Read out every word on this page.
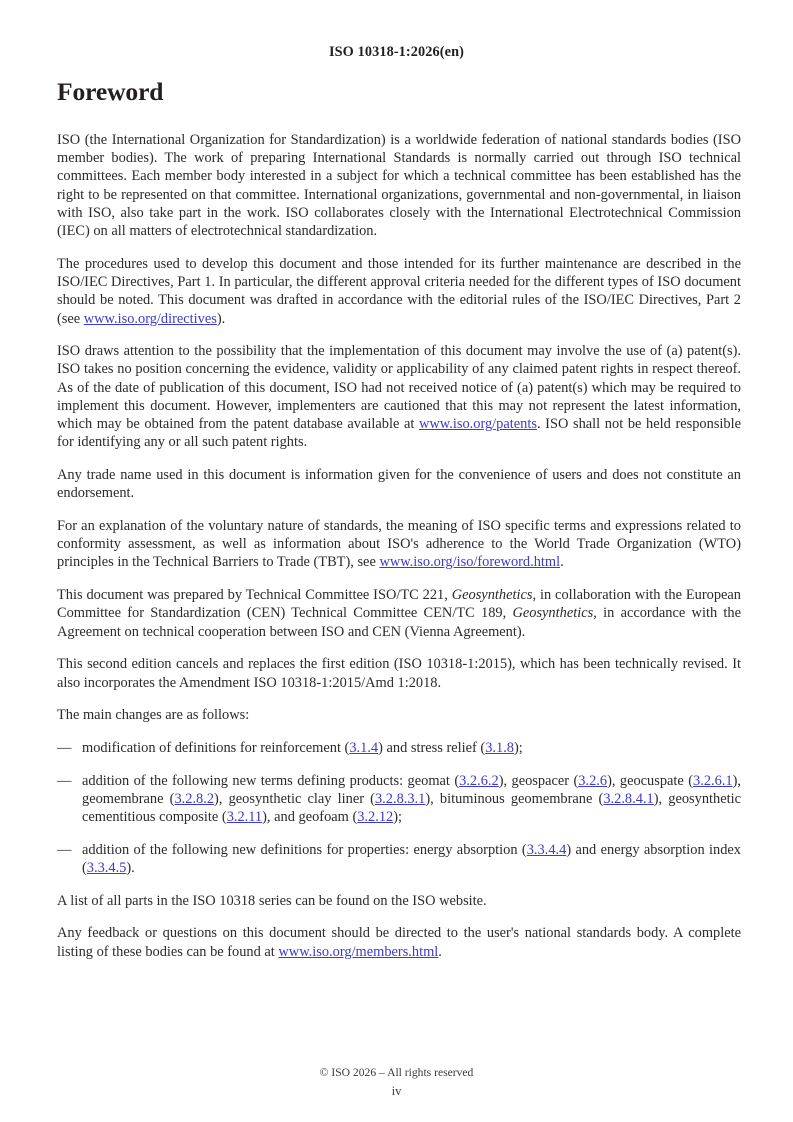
ISO 10318-1:2026(en)
Foreword

ISO (the International Organization for Standardization) is a worldwide federation of national standards bodies (ISO member bodies). The work of preparing International Standards is normally carried out through ISO technical committees. Each member body interested in a subject for which a technical committee has been established has the right to be represented on that committee. International organizations, governmental and non-governmental, in liaison with ISO, also take part in the work. ISO collaborates closely with the International Electrotechnical Commission (IEC) on all matters of electrotechnical standardization.

The procedures used to develop this document and those intended for its further maintenance are described in the ISO/IEC Directives, Part 1. In particular, the different approval criteria needed for the different types of ISO document should be noted. This document was drafted in accordance with the editorial rules of the ISO/IEC Directives, Part 2 (see www.iso.org/directives).

ISO draws attention to the possibility that the implementation of this document may involve the use of (a) patent(s). ISO takes no position concerning the evidence, validity or applicability of any claimed patent rights in respect thereof. As of the date of publication of this document, ISO had not received notice of (a) patent(s) which may be required to implement this document. However, implementers are cautioned that this may not represent the latest information, which may be obtained from the patent database available at www.iso.org/patents. ISO shall not be held responsible for identifying any or all such patent rights.

Any trade name used in this document is information given for the convenience of users and does not constitute an endorsement.

For an explanation of the voluntary nature of standards, the meaning of ISO specific terms and expressions related to conformity assessment, as well as information about ISO's adherence to the World Trade Organization (WTO) principles in the Technical Barriers to Trade (TBT), see www.iso.org/iso/foreword.html.

This document was prepared by Technical Committee ISO/TC 221, Geosynthetics, in collaboration with the European Committee for Standardization (CEN) Technical Committee CEN/TC 189, Geosynthetics, in accordance with the Agreement on technical cooperation between ISO and CEN (Vienna Agreement).

This second edition cancels and replaces the first edition (ISO 10318-1:2015), which has been technically revised. It also incorporates the Amendment ISO 10318-1:2015/Amd 1:2018.

The main changes are as follows:

— modification of definitions for reinforcement (3.1.4) and stress relief (3.1.8);
— addition of the following new terms defining products: geomat (3.2.6.2), geospacer (3.2.6), geocuspate (3.2.6.1), geomembrane (3.2.8.2), geosynthetic clay liner (3.2.8.3.1), bituminous geomembrane (3.2.8.4.1), geosynthetic cementitious composite (3.2.11), and geofoam (3.2.12);
— addition of the following new definitions for properties: energy absorption (3.3.4.4) and energy absorption index (3.3.4.5).

A list of all parts in the ISO 10318 series can be found on the ISO website.

Any feedback or questions on this document should be directed to the user's national standards body. A complete listing of these bodies can be found at www.iso.org/members.html.

© ISO 2026 – All rights reserved
iv
